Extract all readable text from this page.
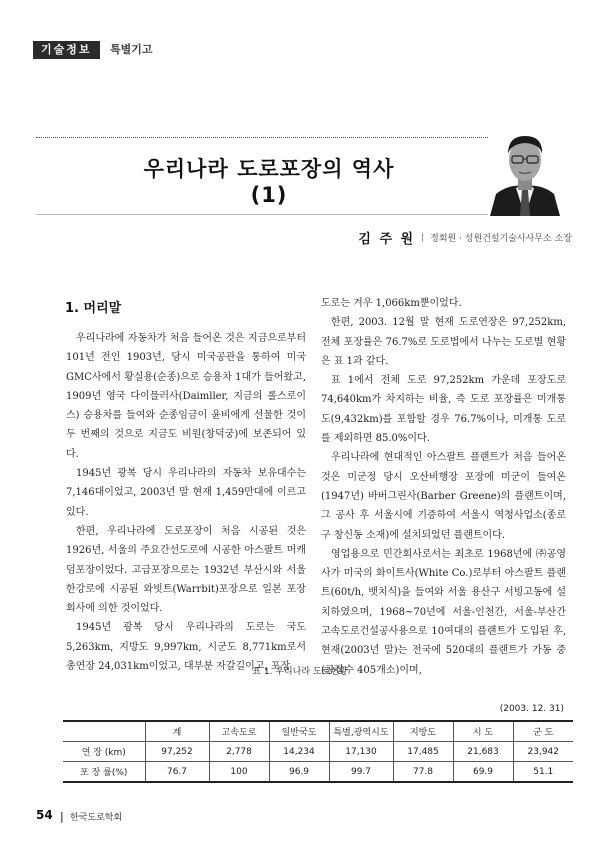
기술정보	특별기고
우리나라 도로포장의 역사 (1)
김 주 원 | 정회원 · 성원건설기술사사무소 소장
1. 머리말

우리나라에 자동차가 처음 들어온 것은 지금으로부터 101년 전인 1903년, 당시 미국공관을 통하여 미국 GMC사에서 황실용(순종)으로 승용차 1대가 들어왔고, 1909년 영국 다이믈러사(Daimller, 지금의 롤스로이스) 승용차를 들여와 순종임금이 윤비에게 선물한 것이 두 번째의 것으로 지금도 비원(창덕궁)에 보존되어 있다.

1945년 광복 당시 우리나라의 자동차 보유대수는 7,146대이었고, 2003년 말 현재 1,459만대에 이르고 있다.

한편, 우리나라에 도로포장이 처음 시공된 것은 1926년, 서울의 주요간선도로에 시공한 아스팔트 머캐덤포장이었다. 고급포장으로는 1932년 부산시와 서울 한강로에 시공된 와빗트(Warrbit)포장으로 일본 포장회사에 의한 것이었다.

1945년 광복 당시 우리나라의 도로는 국도 5,263km, 지방도 9,997km, 시군도 8,771km로서 총연장 24,031km이었고, 대부분 자갈길이고, 포장

도로는 겨우 1,066km뿐이었다.

한편, 2003. 12월 말 현재 도로연장은 97,252km, 전체 포장률은 76.7%로 도로법에서 나누는 도로별 현황은 표 1과 같다.

표 1에서 전체 도로 97,252km 가운데 포장도로 74,640km가 차지하는 비율, 즉 도로 포장률은 미개통도(9,432km)를 포함할 경우 76.7%이나, 미개통 도로를 제외하면 85.0%이다.

우리나라에 현대적인 아스팔트 플랜트가 처음 들어온 것은 미군정 당시 오산비행장 포장에 미군이 들여온(1947년) 바버그린사(Barber Greene)의 플랜트이며, 그 공사 후 서울시에 기증하여 서울시 역청사업소(종로구 창신동 소재)에 설치되었던 플랜트이다.

영업용으로 민간회사로서는 최초로 1968년에 ㈜공영사가 미국의 화이트사(White Co.)로부터 아스팔트 플랜트(60t/h, 뱃치식)을 들여와 서울 용산구 서빙고동에 설치하였으며, 1968~70년에 서울-인천간, 서울-부산간 고속도로건설공사용으로 10여대의 플랜트가 도입된 후, 현재(2003년 말)는 전국에 520대의 플랜트가 가동 중(공장수 405개소)이며,

표 1. 우리나라 도로현황
(2003. 12. 31)
	계	고속도로	일반국도	특별,광역시도	지방도	시 도	군 도
연 장 (km)	97,252	2,778	14,234	17,130	17,485	21,683	23,942
포 장 률(%)	76.7	100	96.9	99.7	77.8	69.9	51.1
54 | 한국도로학회
